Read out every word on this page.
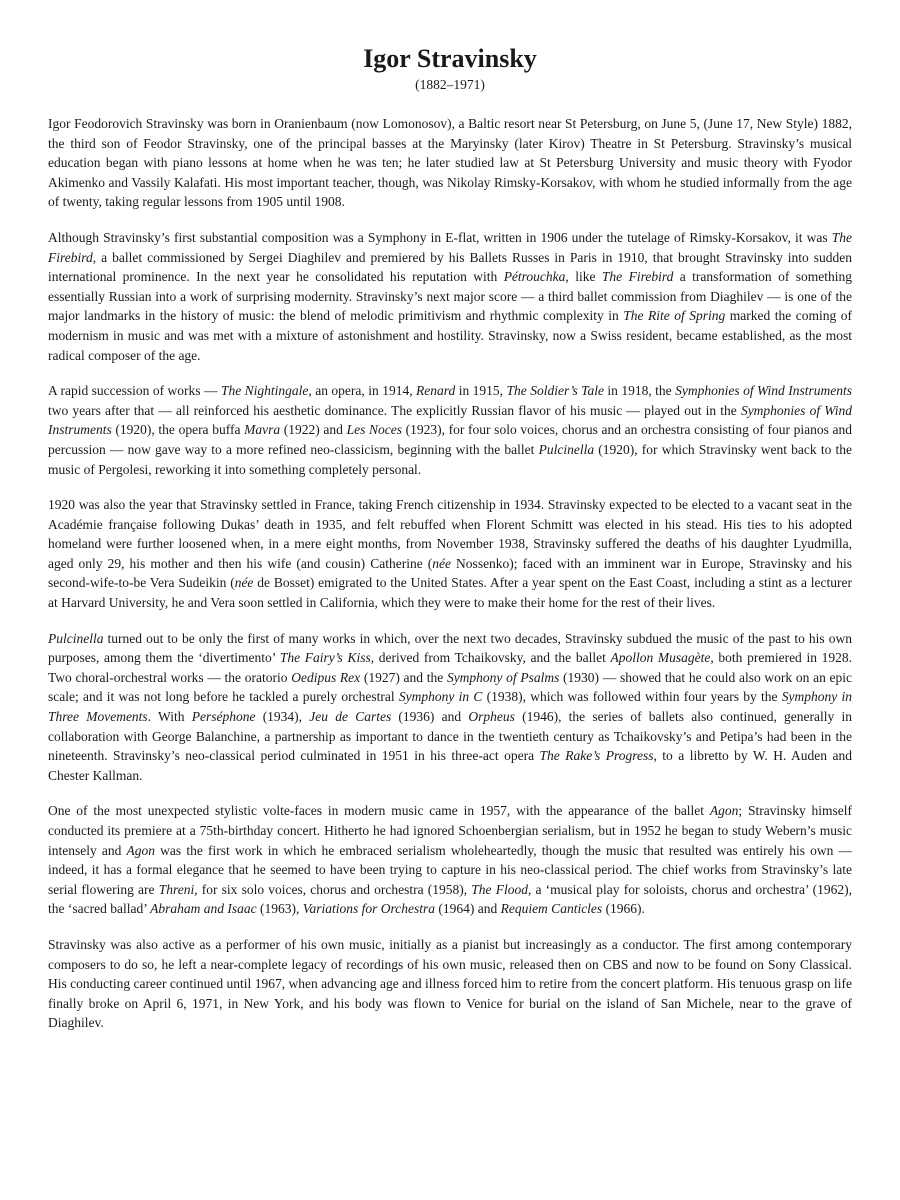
Igor Stravinsky
(1882–1971)

Igor Feodorovich Stravinsky was born in Oranienbaum (now Lomonosov), a Baltic resort near St Petersburg, on June 5, (June 17, New Style) 1882, the third son of Feodor Stravinsky, one of the principal basses at the Maryinsky (later Kirov) Theatre in St Petersburg. Stravinsky’s musical education began with piano lessons at home when he was ten; he later studied law at St Petersburg University and music theory with Fyodor Akimenko and Vassily Kalafati. His most important teacher, though, was Nikolay Rimsky-Korsakov, with whom he studied informally from the age of twenty, taking regular lessons from 1905 until 1908.

Although Stravinsky’s first substantial composition was a Symphony in E-flat, written in 1906 under the tutelage of Rimsky-Korsakov, it was The Firebird, a ballet commissioned by Sergei Diaghilev and premiered by his Ballets Russes in Paris in 1910, that brought Stravinsky into sudden international prominence. In the next year he consolidated his reputation with Pétrouchka, like The Firebird a transformation of something essentially Russian into a work of surprising modernity. Stravinsky’s next major score — a third ballet commission from Diaghilev — is one of the major landmarks in the history of music: the blend of melodic primitivism and rhythmic complexity in The Rite of Spring marked the coming of modernism in music and was met with a mixture of astonishment and hostility. Stravinsky, now a Swiss resident, became established, as the most radical composer of the age.

A rapid succession of works — The Nightingale, an opera, in 1914, Renard in 1915, The Soldier’s Tale in 1918, the Symphonies of Wind Instruments two years after that — all reinforced his aesthetic dominance. The explicitly Russian flavor of his music — played out in the Symphonies of Wind Instruments (1920), the opera buffa Mavra (1922) and Les Noces (1923), for four solo voices, chorus and an orchestra consisting of four pianos and percussion — now gave way to a more refined neo-classicism, beginning with the ballet Pulcinella (1920), for which Stravinsky went back to the music of Pergolesi, reworking it into something completely personal.

1920 was also the year that Stravinsky settled in France, taking French citizenship in 1934. Stravinsky expected to be elected to a vacant seat in the Académie française following Dukas’ death in 1935, and felt rebuffed when Florent Schmitt was elected in his stead. His ties to his adopted homeland were further loosened when, in a mere eight months, from November 1938, Stravinsky suffered the deaths of his daughter Lyudmilla, aged only 29, his mother and then his wife (and cousin) Catherine (née Nossenko); faced with an imminent war in Europe, Stravinsky and his second-wife-to-be Vera Sudeikin (née de Bosset) emigrated to the United States. After a year spent on the East Coast, including a stint as a lecturer at Harvard University, he and Vera soon settled in California, which they were to make their home for the rest of their lives.

Pulcinella turned out to be only the first of many works in which, over the next two decades, Stravinsky subdued the music of the past to his own purposes, among them the ‘divertimento’ The Fairy’s Kiss, derived from Tchaikovsky, and the ballet Apollon Musagète, both premiered in 1928. Two choral-orchestral works — the oratorio Oedipus Rex (1927) and the Symphony of Psalms (1930) — showed that he could also work on an epic scale; and it was not long before he tackled a purely orchestral Symphony in C (1938), which was followed within four years by the Symphony in Three Movements. With Perséphone (1934), Jeu de Cartes (1936) and Orpheus (1946), the series of ballets also continued, generally in collaboration with George Balanchine, a partnership as important to dance in the twentieth century as Tchaikovsky’s and Petipa’s had been in the nineteenth. Stravinsky’s neo-classical period culminated in 1951 in his three-act opera The Rake’s Progress, to a libretto by W. H. Auden and Chester Kallman.

One of the most unexpected stylistic volte-faces in modern music came in 1957, with the appearance of the ballet Agon; Stravinsky himself conducted its premiere at a 75th-birthday concert. Hitherto he had ignored Schoenbergian serialism, but in 1952 he began to study Webern’s music intensely and Agon was the first work in which he embraced serialism wholeheartedly, though the music that resulted was entirely his own — indeed, it has a formal elegance that he seemed to have been trying to capture in his neo-classical period. The chief works from Stravinsky’s late serial flowering are Threni, for six solo voices, chorus and orchestra (1958), The Flood, a ‘musical play for soloists, chorus and orchestra’ (1962), the ‘sacred ballad’ Abraham and Isaac (1963), Variations for Orchestra (1964) and Requiem Canticles (1966).

Stravinsky was also active as a performer of his own music, initially as a pianist but increasingly as a conductor. The first among contemporary composers to do so, he left a near-complete legacy of recordings of his own music, released then on CBS and now to be found on Sony Classical. His conducting career continued until 1967, when advancing age and illness forced him to retire from the concert platform. His tenuous grasp on life finally broke on April 6, 1971, in New York, and his body was flown to Venice for burial on the island of San Michele, near to the grave of Diaghilev.
